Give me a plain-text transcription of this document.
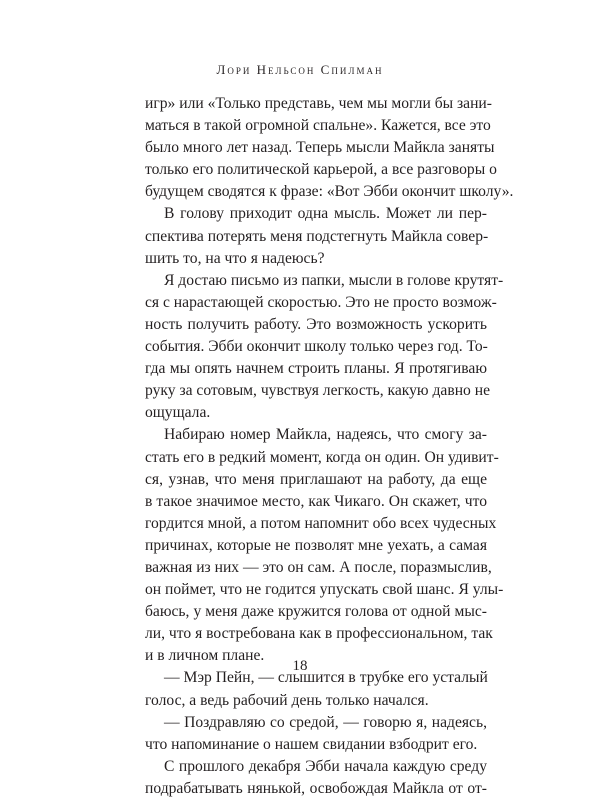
Лори Нельсон Спилман
игр» или «Только представь, чем мы могли бы зани-
маться в такой огромной спальне». Кажется, все это
было много лет назад. Теперь мысли Майкла заняты
только его политической карьерой, а все разговоры о
будущем сводятся к фразе: «Вот Эбби окончит школу».
В голову приходит одна мысль. Может ли пер-
спектива потерять меня подстегнуть Майкла совер-
шить то, на что я надеюсь?
Я достаю письмо из папки, мысли в голове крутят-
ся с нарастающей скоростью. Это не просто возмож-
ность получить работу. Это возможность ускорить
события. Эбби окончит школу только через год. То-
гда мы опять начнем строить планы. Я протягиваю
руку за сотовым, чувствуя легкость, какую давно не
ощущала.
Набираю номер Майкла, надеясь, что смогу за-
стать его в редкий момент, когда он один. Он удивит-
ся, узнав, что меня приглашают на работу, да еще
в такое значимое место, как Чикаго. Он скажет, что
гордится мной, а потом напомнит обо всех чудесных
причинах, которые не позволят мне уехать, а самая
важная из них — это он сам. А после, поразмыслив,
он поймет, что не годится упускать свой шанс. Я улы-
баюсь, у меня даже кружится голова от одной мыс-
ли, что я востребована как в профессиональном, так
и в личном плане.
— Мэр Пейн, — слышится в трубке его усталый
голос, а ведь рабочий день только начался.
— Поздравляю со средой, — говорю я, надеясь,
что напоминание о нашем свидании взбодрит его.
С прошлого декабря Эбби начала каждую среду
подрабатывать нянькой, освобождая Майкла от от-
18
